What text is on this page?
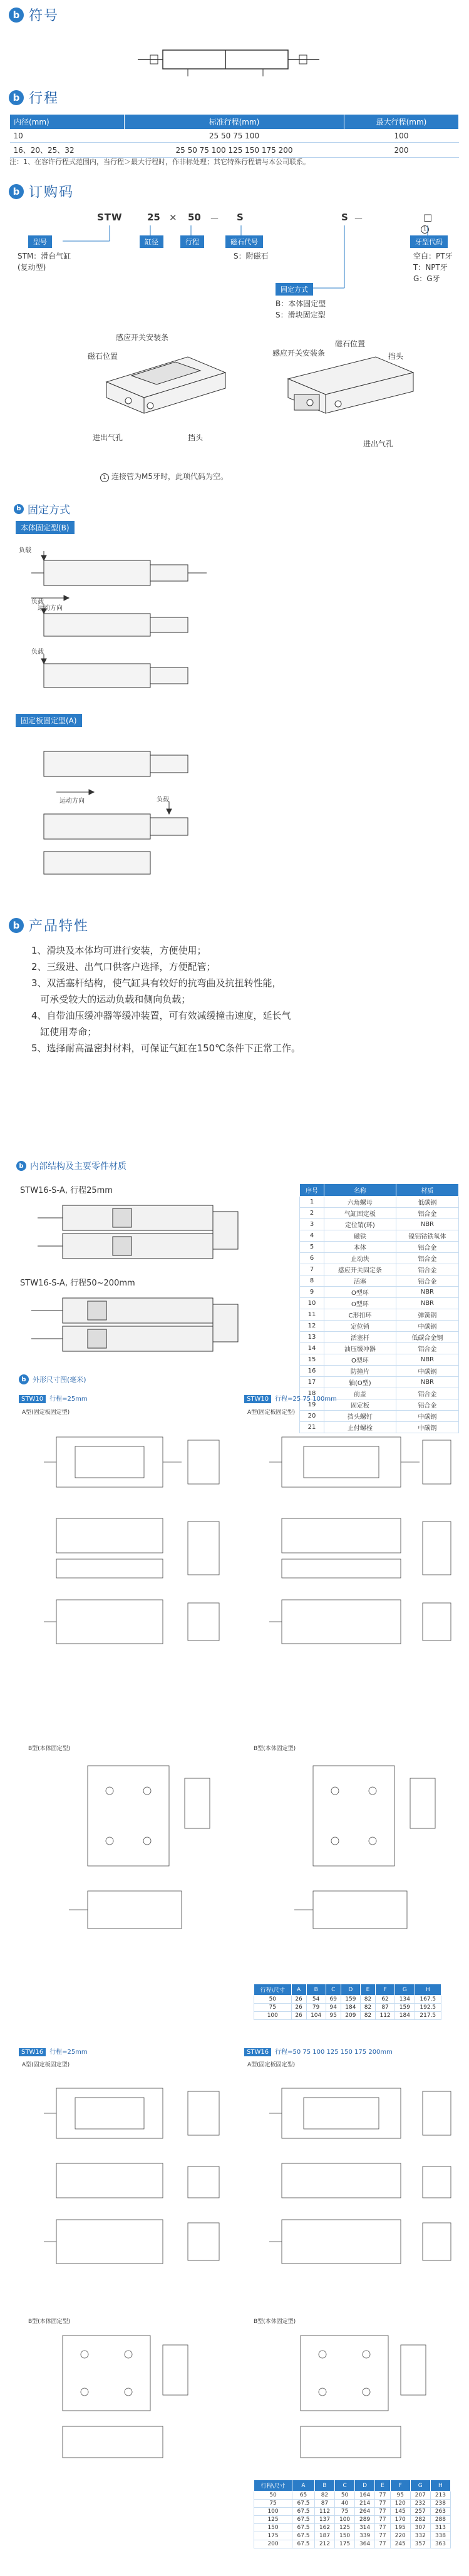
b 符号
b 行程
内径(mm)	标准行程(mm)	最大行程(mm)
10	25 50 75 100	100
16、20、25、32	25 50 75 100 125 150 175 200	200
注：1、在容许行程式范围内，当行程＞最大行程时，作非标处理；其它特殊行程请与本公司联系。
b 订购码
STW	25 × 50 － S	S －	□
型号
STM：滑台气缸
(复动型)
缸径	行程	磁石代号
S：附磁石
固定方式
B：本体固定型
S：滑块固定型
牙型代码
1
空白：PT牙
T：NPT牙
G：G牙
感应开关安装条
磁石位置
进出气孔	挡头
感应开关安装条
磁石位置
进出气孔
挡头
1 连接管为M5牙时，此项代码为空。
b 固定方式
本体固定型(B)
负载
运动方向
负载
负载
固定板固定型(A)
运动方向	负载
b 产品特性
1、滑块及本体均可进行安装，方便使用；
2、三级进、出气口供客户选择，方便配管；
3、双活塞杆结构，使气缸具有较好的抗弯曲及抗扭转性能，
可承受较大的运动负载和侧向负载；
4、自带油压缓冲器等缓冲装置，可有效减缓撞击速度，延长气
缸使用寿命；
5、选择耐高温密封材料，可保证气缸在150℃条件下正常工作。
b 内部结构及主要零件材质
STW16-S-A, 行程25mm
STW16-S-A, 行程50~200mm
序号	名称	材质
1	六角螺母	低碳钢
2	气缸固定板	铝合金
3	定位销(环)	NBR
4	磁铁	镍铝钴铁氧体
5	本体	铝合金
6	止动块	铝合金
7	感应开关固定条	铝合金
8	活塞	铝合金
9	O型环	NBR
10	O型环	NBR
11	C形扣环	弹簧钢
12	定位销	中碳钢
13	活塞杆	低碳合金钢
14	油压缓冲器	铝合金
15	O型环	NBR
16	防撞片	中碳钢
17	轴(O型)	NBR
18	前盖	铝合金
19	固定板	铝合金
20	挡头螺钉	中碳钢
21	止付螺栓	中碳钢
b 外形尺寸图(毫米)
STW10 行程=25mm	STW10 行程=25 75 100mm
A型(固定板固定型)	A型(固定板固定型)
B型(本体固定型)	B型(本体固定型)
行程\尺寸	A	B	C	D	E	F	G	H
50	26	54	69	159	82	62	134	167.5
75	26	79	94	184	82	87	159	192.5
100	26	104	95	209	82	112	184	217.5
STW16 行程=25mm	STW16 行程=50 75 100 125 150 175 200mm
A型(固定板固定型)	A型(固定板固定型)
B型(本体固定型)	B型(本体固定型)
行程\尺寸	A	B	C	D	E	F	G	H
50	65	82	50	164	77	95	207	213
75	67.5	87	40	214	77	120	232	238
100	67.5	112	75	264	77	145	257	263
125	67.5	137	100	289	77	170	282	288
150	67.5	162	125	314	77	195	307	313
175	67.5	187	150	339	77	220	332	338
200	67.5	212	175	364	77	245	357	363
